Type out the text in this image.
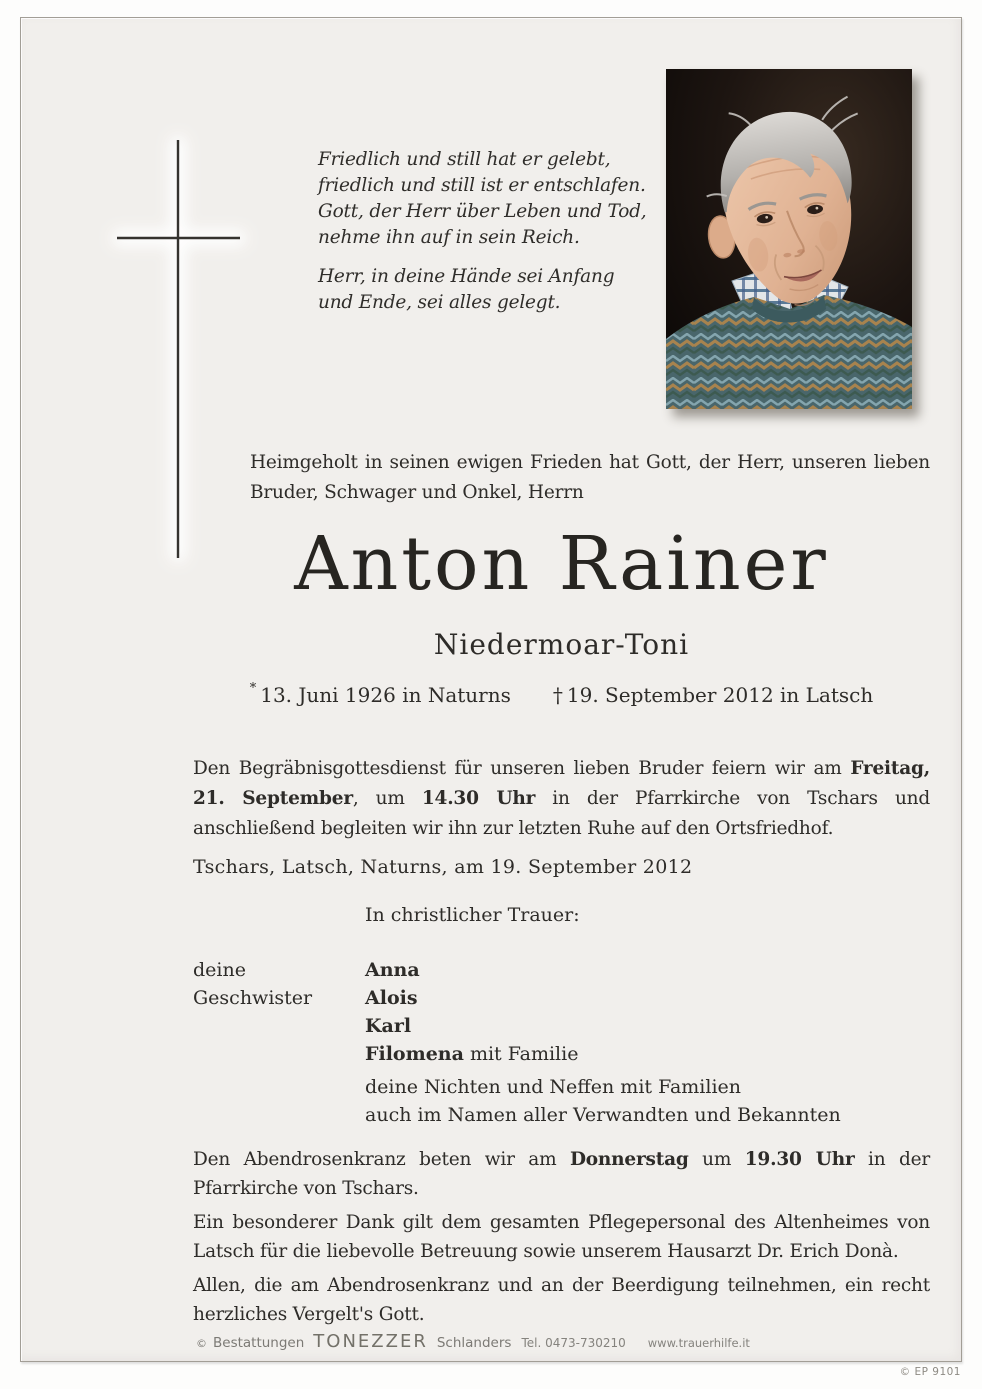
Friedlich und still hat er gelebt,
friedlich und still ist er entschlafen.
Gott, der Herr über Leben und Tod,
nehme ihn auf in sein Reich.
Herr, in deine Hände sei Anfang
und Ende, sei alles gelegt.

Heimgeholt in seinen ewigen Frieden hat Gott, der Herr, unseren lieben Bruder, Schwager und Onkel, Herrn

Anton Rainer
Niedermoar-Toni
* 13. Juni 1926 in Naturns † 19. September 2012 in Latsch

Den Begräbnisgottesdienst für unseren lieben Bruder feiern wir am Freitag, 21. September, um 14.30 Uhr in der Pfarrkirche von Tschars und anschließend begleiten wir ihn zur letzten Ruhe auf den Ortsfriedhof.

Tschars, Latsch, Naturns, am 19. September 2012

In christlicher Trauer:

deine Geschwister
Anna
Alois
Karl
Filomena mit Familie
deine Nichten und Neffen mit Familien
auch im Namen aller Verwandten und Bekannten

Den Abendrosenkranz beten wir am Donnerstag um 19.30 Uhr in der Pfarrkirche von Tschars.

Ein besonderer Dank gilt dem gesamten Pflegepersonal des Altenheimes von Latsch für die liebevolle Betreuung sowie unserem Hausarzt Dr. Erich Donà.

Allen, die am Abendrosenkranz und an der Beerdigung teilnehmen, ein recht herzliches Vergelt's Gott.

© Bestattungen TONEZZER Schlanders Tel. 0473-730210 www.trauerhilfe.it
© EP 9101
